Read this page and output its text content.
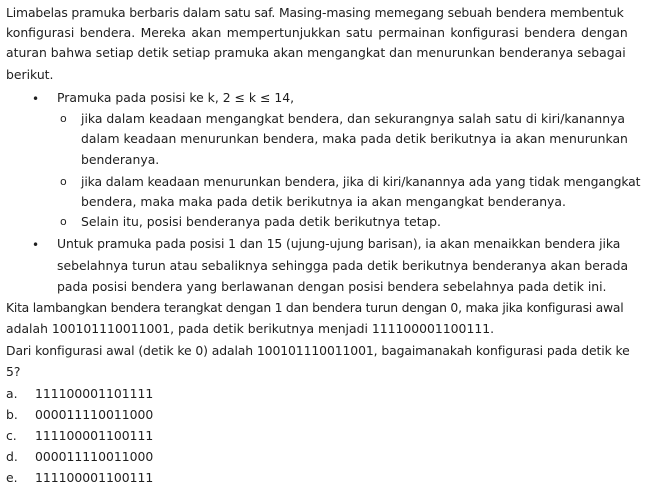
Limabelas pramuka berbaris dalam satu saf. Masing-masing memegang sebuah bendera membentuk
konfigurasi bendera. Mereka akan mempertunjukkan satu permainan konfigurasi bendera dengan
aturan bahwa setiap detik setiap pramuka akan mengangkat dan menurunkan benderanya sebagai
berikut.
• Pramuka pada posisi ke k, 2 ≤ k ≤ 14,
o jika dalam keadaan mengangkat bendera, dan sekurangnya salah satu di kiri/kanannya
dalam keadaan menurunkan bendera, maka pada detik berikutnya ia akan menurunkan
benderanya.
o jika dalam keadaan menurunkan bendera, jika di kiri/kanannya ada yang tidak mengangkat
bendera, maka maka pada detik berikutnya ia akan mengangkat benderanya.
o Selain itu, posisi benderanya pada detik berikutnya tetap.
• Untuk pramuka pada posisi 1 dan 15 (ujung-ujung barisan), ia akan menaikkan bendera jika
sebelahnya turun atau sebaliknya sehingga pada detik berikutnya benderanya akan berada
pada posisi bendera yang berlawanan dengan posisi bendera sebelahnya pada detik ini.
Kita lambangkan bendera terangkat dengan 1 dan bendera turun dengan 0, maka jika konfigurasi awal
adalah 100101110011001, pada detik berikutnya menjadi 111100001100111.
Dari konfigurasi awal (detik ke 0) adalah 100101110011001, bagaimanakah konfigurasi pada detik ke
5?
a. 111100001101111
b. 000011110011000
c. 111100001100111
d. 000011110011000
e. 111100001100111
